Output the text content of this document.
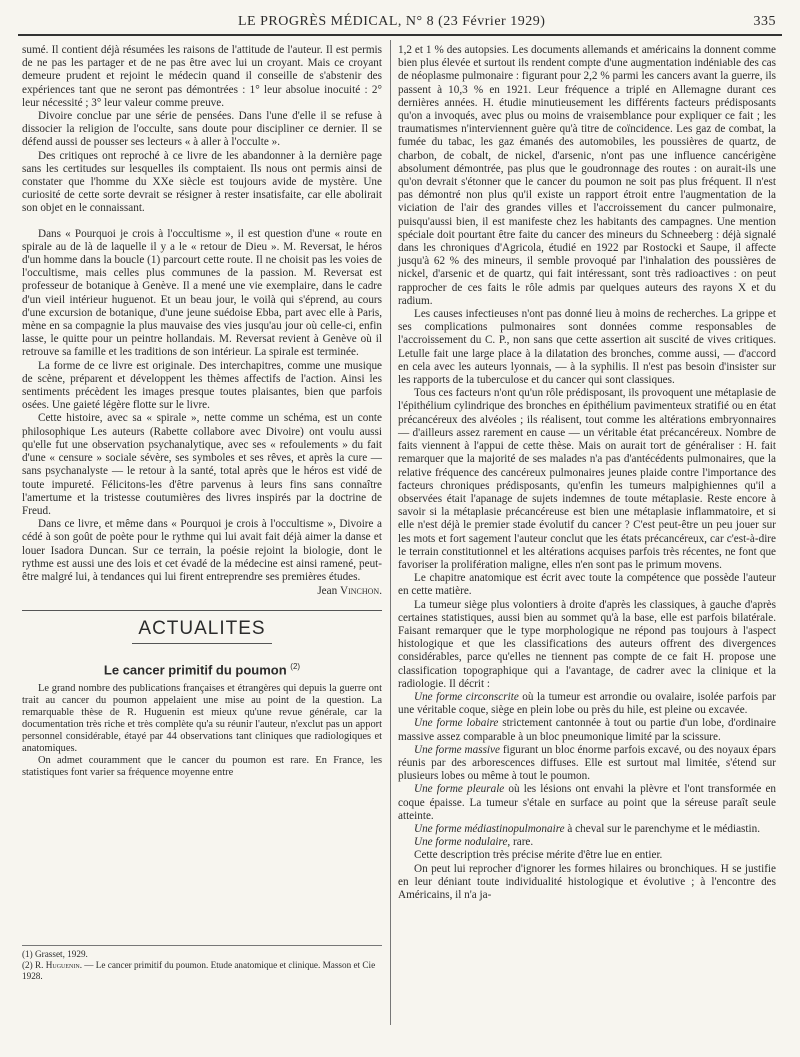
LE PROGRÈS MÉDICAL, N° 8 (23 Février 1929)	335

sumé. Il contient déjà résumées les raisons de l'attitude de l'auteur. Il est permis de ne pas les partager et de ne pas être avec lui un croyant. Mais ce croyant demeure prudent et rejoint le médecin quand il conseille de s'abstenir des expériences tant que ne seront pas démontrées : 1° leur absolue inocuité : 2° leur nécessité ; 3° leur valeur comme preuve.

Divoire conclue par une série de pensées. Dans l'une d'elle il se refuse à dissocier la religion de l'occulte, sans doute pour discipliner ce dernier. Il se défend aussi de pousser ses lecteurs « à aller à l'occulte ».

Des critiques ont reproché à ce livre de les abandonner à la dernière page sans les certitudes sur lesquelles ils comptaient. Ils nous ont permis ainsi de constater que l'homme du XXe siècle est toujours avide de mystère. Une curiosité de cette sorte devrait se résigner à rester insatisfaite, car elle abolirait son objet en le connaissant.

Dans « Pourquoi je crois à l'occultisme », il est question d'une « route en spirale au de là de laquelle il y a le « retour de Dieu ». M. Reversat, le héros d'un homme dans la boucle (1) parcourt cette route. Il ne choisit pas les voies de l'occultisme, mais celles plus communes de la passion. M. Reversat est professeur de botanique à Genève. Il a mené une vie exemplaire, dans le cadre d'un vieil intérieur huguenot. Et un beau jour, le voilà qui s'éprend, au cours d'une excursion de botanique, d'une jeune suédoise Ebba, part avec elle à Paris, mène en sa compagnie la plus mauvaise des vies jusqu'au jour où celle-ci, enfin lasse, le quitte pour un peintre hollandais. M. Reversat revient à Genève où il retrouve sa famille et les traditions de son intérieur. La spirale est terminée.

La forme de ce livre est originale. Des interchapitres, comme une musique de scène, préparent et développent les thèmes affectifs de l'action. Ainsi les sentiments précèdent les images presque toutes plaisantes, bien que parfois osées. Une gaieté légère flotte sur le livre.

Cette histoire, avec sa « spirale », nette comme un schéma, est un conte philosophique Les auteurs (Rabette collabore avec Divoire) ont voulu aussi qu'elle fut une observation psychanalytique, avec ses « refoulements » du fait d'une « censure » sociale sévère, ses symboles et ses rêves, et après la cure — sans psychanalyste — le retour à la santé, total après que le héros est vidé de toute impureté. Félicitons-les d'être parvenus à leurs fins sans connaître l'amertume et la tristesse coutumières des livres inspirés par la doctrine de Freud.

Dans ce livre, et même dans « Pourquoi je crois à l'occultisme », Divoire a cédé à son goût de poète pour le rythme qui lui avait fait déjà aimer la danse et louer Isadora Duncan. Sur ce terrain, la poésie rejoint la biologie, dont le rythme est aussi une des lois et cet évadé de la médecine est ainsi ramené, peut-être malgré lui, à tendances qui lui firent entreprendre ses premières études.

Jean Vinchon.
ACTUALITES
Le cancer primitif du poumon $^{(2)}$

Le grand nombre des publications françaises et étrangères qui depuis la guerre ont trait au cancer du poumon appelaient une mise au point de la question. La remarquable thèse de R. Huguenin est mieux qu'une revue générale, car la documentation très riche et très complète qu'a su réunir l'auteur, n'exclut pas un apport personnel considérable, étayé par 44 observations tant cliniques que radiologiques et anatomiques.

On admet couramment que le cancer du poumon est rare. En France, les statistiques font varier sa fréquence moyenne entre

(1) Grasset, 1929.
(2) R. Huguenin. — Le cancer primitif du poumon. Etude anatomique et clinique. Masson et Cie 1928.

1,2 et 1 % des autopsies. Les documents allemands et américains la donnent comme bien plus élevée et surtout ils rendent compte d'une augmentation indéniable des cas de néoplasme pulmonaire : figurant pour 2,2 % parmi les cancers avant la guerre, ils passent à 10,3 % en 1921. Leur fréquence a triplé en Allemagne durant ces dernières années. H. étudie minutieusement les différents facteurs prédisposants qu'on a invoqués, avec plus ou moins de vraisemblance pour expliquer ce fait ; les traumatismes n'interviennent guère qu'à titre de coïncidence. Les gaz de combat, la fumée du tabac, les gaz émanés des automobiles, les poussières de quartz, de charbon, de cobalt, de nickel, d'arsenic, n'ont pas une influence cancérigène absolument démontrée, pas plus que le goudronnage des routes : on aurait-ils une qu'on devrait s'étonner que le cancer du poumon ne soit pas plus fréquent. Il n'est pas démontré non plus qu'il existe un rapport étroit entre l'augmentation de la viciation de l'air des grandes villes et l'accroissement du cancer pulmonaire, puisqu'aussi bien, il est manifeste chez les habitants des campagnes. Une mention spéciale doit pourtant être faite du cancer des mineurs du Schneeberg : déjà signalé dans les chroniques d'Agricola, étudié en 1922 par Rostocki et Saupe, il affecte jusqu'à 62 % des mineurs, il semble provoqué par l'inhalation des poussières de nickel, d'arsenic et de quartz, qui fait intéressant, sont très radioactives : on peut rapprocher de ces faits le rôle admis par quelques auteurs des rayons X et du radium.

Les causes infectieuses n'ont pas donné lieu à moins de recherches. La grippe et ses complications pulmonaires sont données comme responsables de l'accroissement du C. P., non sans que cette assertion ait suscité de vives critiques. Letulle fait une large place à la dilatation des bronches, comme aussi, — d'accord en cela avec les auteurs lyonnais, — à la syphilis. Il n'est pas besoin d'insister sur les rapports de la tuberculose et du cancer qui sont classiques.

Tous ces facteurs n'ont qu'un rôle prédisposant, ils provoquent une métaplasie de l'épithélium cylindrique des bronches en épithélium pavimenteux stratifié ou en état précancéreux des alvéoles ; ils réalisent, tout comme les altérations embryonnaires — d'ailleurs assez rarement en cause — un véritable état précancéreux. Nombre de faits viennent à l'appui de cette thèse. Mais on aurait tort de généraliser : H. fait remarquer que la majorité de ses malades n'a pas d'antécédents pulmonaires, que la relative fréquence des cancéreux pulmonaires jeunes plaide contre l'importance des facteurs chroniques prédisposants, qu'enfin les tumeurs malpighiennes qu'il a observées était l'apanage de sujets indemnes de toute métaplasie. Reste encore à savoir si la métaplasie précancéreuse est bien une métaplasie inflammatoire, et si elle n'est déjà le premier stade évolutif du cancer ? C'est peut-être un peu jouer sur les mots et fort sagement l'auteur conclut que les états précancéreux, car c'est-à-dire le terrain constitutionnel et les altérations acquises parfois très récentes, ne font que favoriser la prolifération maligne, elles n'en sont pas le primum movens.

Le chapitre anatomique est écrit avec toute la compétence que possède l'auteur en cette matière.

La tumeur siège plus volontiers à droite d'après les classiques, à gauche d'après certaines statistiques, aussi bien au sommet qu'à la base, elle est parfois bilatérale. Faisant remarquer que le type morphologique ne répond pas toujours à l'aspect histologique et que les classifications des auteurs offrent des divergences considérables, parce qu'elles ne tiennent pas compte de ce fait H. propose une classification topographique qui a l'avantage, de cadrer avec la clinique et la radiologie. Il décrit :

Une forme circonscrite où la tumeur est arrondie ou ovalaire, isolée parfois par une véritable coque, siège en plein lobe ou près du hile, est pleine ou excavée.

Une forme lobaire strictement cantonnée à tout ou partie d'un lobe, d'ordinaire massive assez comparable à un bloc pneumonique limité par la scissure.

Une forme massive figurant un bloc énorme parfois excavé, ou des noyaux épars réunis par des arborescences diffuses. Elle est surtout mal limitée, s'étend sur plusieurs lobes ou même à tout le poumon.

Une forme pleurale où les lésions ont envahi la plèvre et l'ont transformée en coque épaisse. La tumeur s'étale en surface au point que la séreuse paraît seule atteinte.

Une forme médiastinopulmonaire à cheval sur le parenchyme et le médiastin.

Une forme nodulaire, rare.

Cette description très précise mérite d'être lue en entier.

On peut lui reprocher d'ignorer les formes hilaires ou bronchiques. H se justifie en leur déniant toute individualité histologique et évolutive ; à l'encontre des Américains, il n'a ja-
